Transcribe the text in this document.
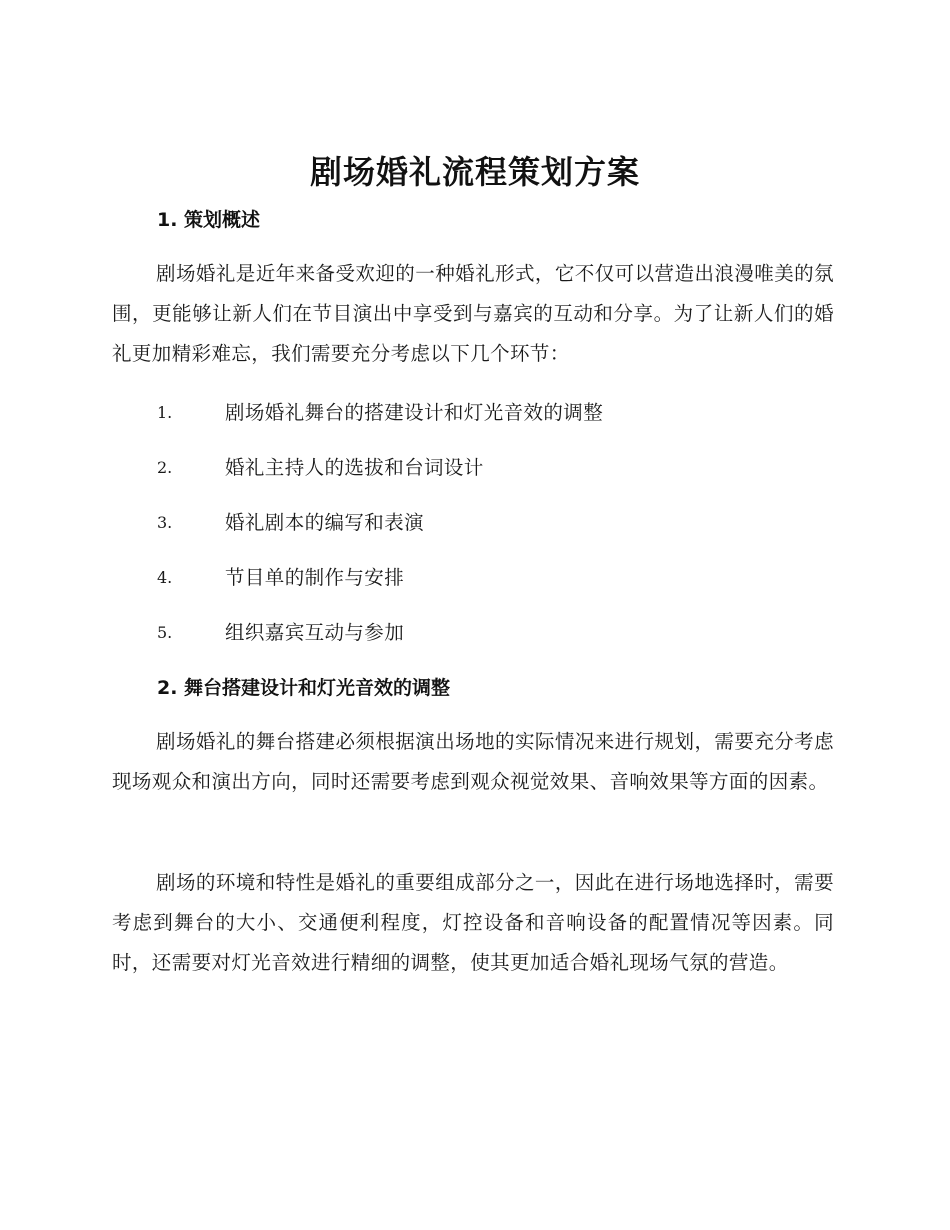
剧场婚礼流程策划方案
1. 策划概述

剧场婚礼是近年来备受欢迎的一种婚礼形式，它不仅可以营造出浪漫唯美的氛围，更能够让新人们在节目演出中享受到与嘉宾的互动和分享。为了让新人们的婚礼更加精彩难忘，我们需要充分考虑以下几个环节：

1.	剧场婚礼舞台的搭建设计和灯光音效的调整
2.	婚礼主持人的选拔和台词设计
3.	婚礼剧本的编写和表演
4.	节目单的制作与安排
5.	组织嘉宾互动与参加
2. 舞台搭建设计和灯光音效的调整

剧场婚礼的舞台搭建必须根据演出场地的实际情况来进行规划，需要充分考虑现场观众和演出方向，同时还需要考虑到观众视觉效果、音响效果等方面的因素。

剧场的环境和特性是婚礼的重要组成部分之一，因此在进行场地选择时，需要考虑到舞台的大小、交通便利程度，灯控设备和音响设备的配置情况等因素。同时，还需要对灯光音效进行精细的调整，使其更加适合婚礼现场气氛的营造。
